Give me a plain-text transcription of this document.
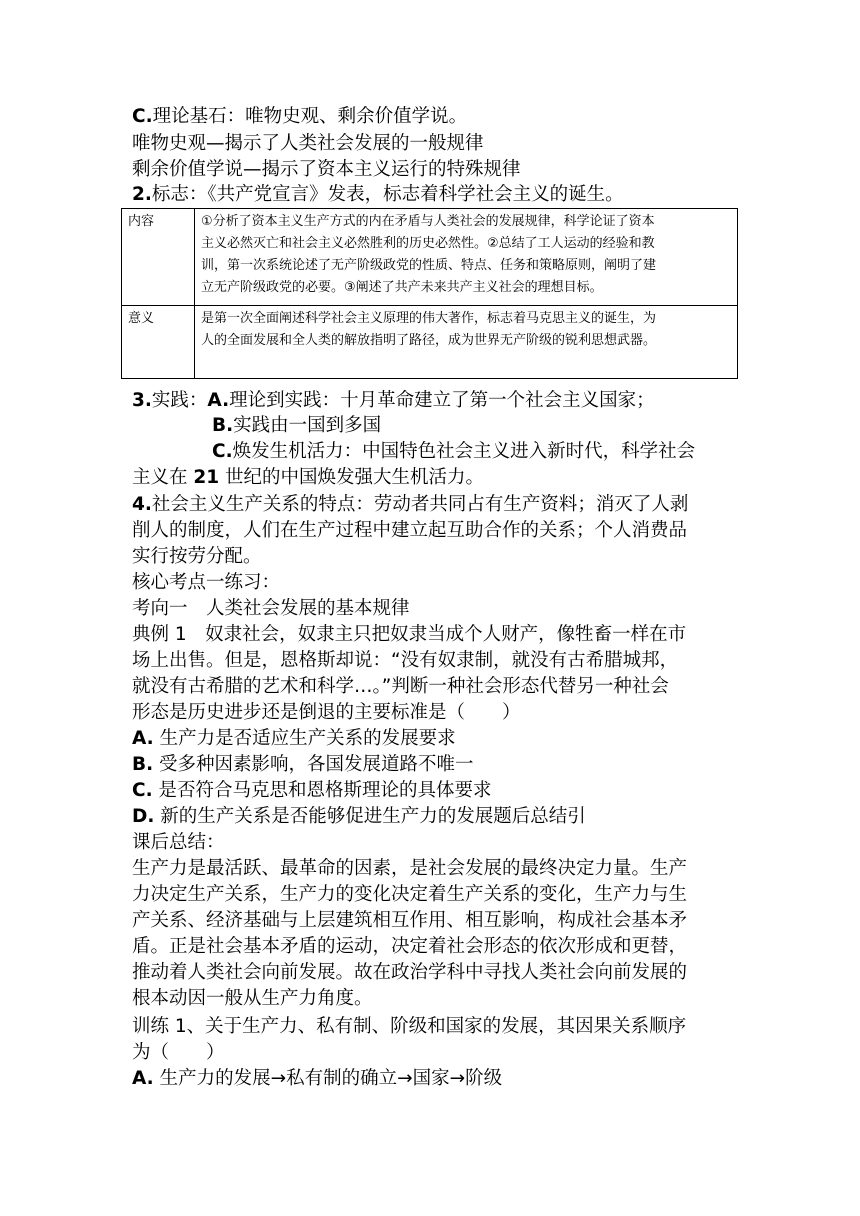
C.理论基石：唯物史观、剩余价值学说。
唯物史观—揭示了人类社会发展的一般规律
剩余价值学说—揭示了资本主义运行的特殊规律
2.标志：《共产党宣言》发表，标志着科学社会主义的诞生。
内容	①分析了资本主义生产方式的内在矛盾与人类社会的发展规律，科学论证了资本
主义必然灭亡和社会主义必然胜利的历史必然性。②总结了工人运动的经验和教
训，第一次系统论述了无产阶级政党的性质、特点、任务和策略原则，阐明了建
立无产阶级政党的必要。③阐述了共产未来共产主义社会的理想目标。

意义	是第一次全面阐述科学社会主义原理的伟大著作，标志着马克思主义的诞生，为
人的全面发展和全人类的解放指明了路径，成为世界无产阶级的锐利思想武器。
3.实践：A.理论到实践：十月革命建立了第一个社会主义国家；
B.实践由一国到多国
C.焕发生机活力：中国特色社会主义进入新时代，科学社会
主义在 21 世纪的中国焕发强大生机活力。
4.社会主义生产关系的特点：劳动者共同占有生产资料；消灭了人剥
削人的制度，人们在生产过程中建立起互助合作的关系；个人消费品
实行按劳分配。
核心考点一练习：
考向一　人类社会发展的基本规律
典例 1　奴隶社会，奴隶主只把奴隶当成个人财产，像牲畜一样在市
场上出售。但是，恩格斯却说：“没有奴隶制，就没有古希腊城邦，
就没有古希腊的艺术和科学…。”判断一种社会形态代替另一种社会
形态是历史进步还是倒退的主要标准是（　　）
A. 生产力是否适应生产关系的发展要求
B. 受多种因素影响，各国发展道路不唯一
C. 是否符合马克思和恩格斯理论的具体要求
D. 新的生产关系是否能够促进生产力的发展题后总结引
课后总结：
生产力是最活跃、最革命的因素，是社会发展的最终决定力量。生产
力决定生产关系，生产力的变化决定着生产关系的变化，生产力与生
产关系、经济基础与上层建筑相互作用、相互影响，构成社会基本矛
盾。正是社会基本矛盾的运动，决定着社会形态的依次形成和更替，
推动着人类社会向前发展。故在政治学科中寻找人类社会向前发展的
根本动因一般从生产力角度。
训练 1、关于生产力、私有制、阶级和国家的发展，其因果关系顺序
为（　　）
A. 生产力的发展→私有制的确立→国家→阶级
